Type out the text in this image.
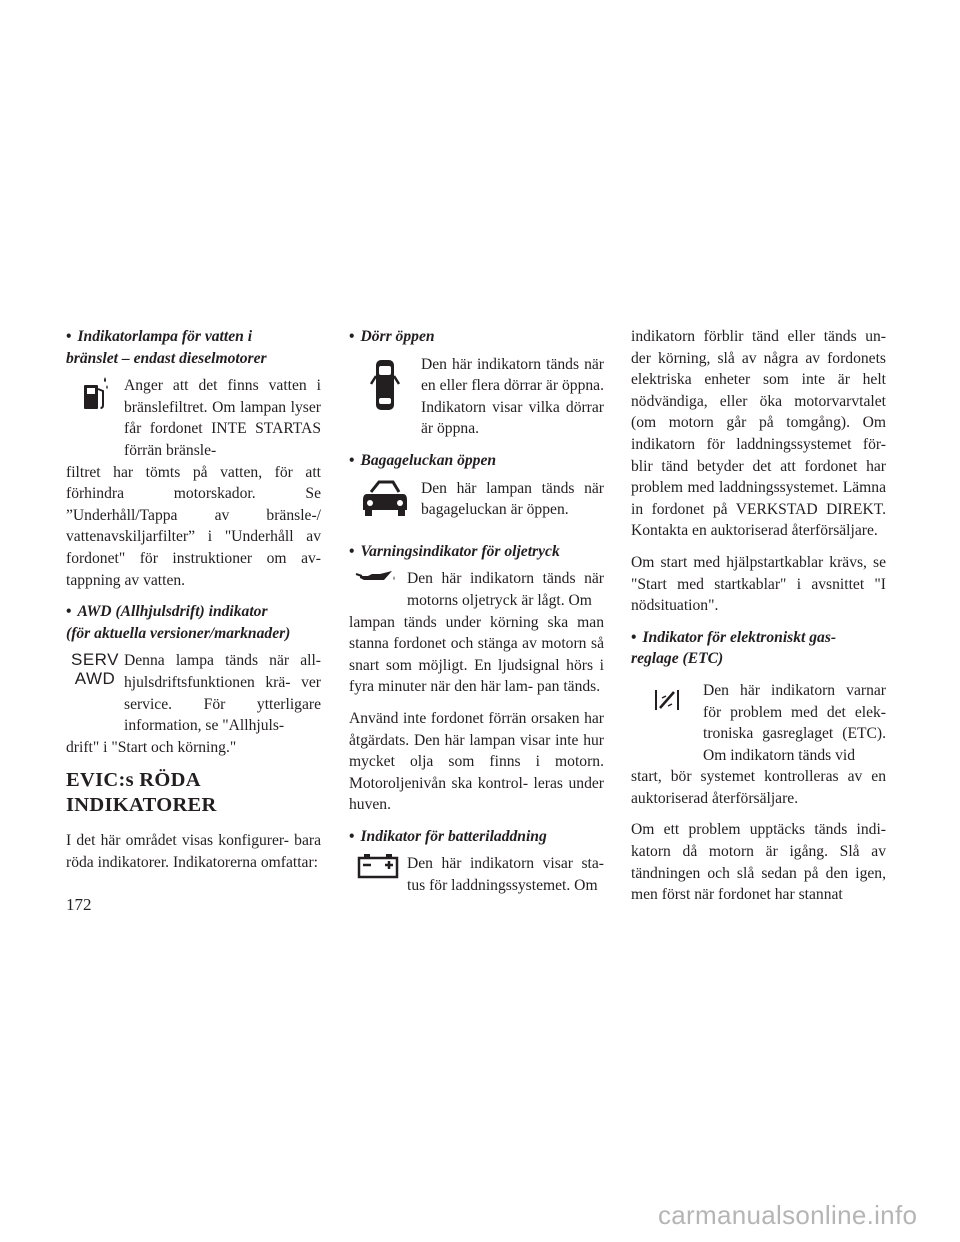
• Indikatorlampa för vatten i
bränslet – endast dieselmotorer
Anger att det finns vatten i bränslefiltret. Om lampan lyser får fordonet INTE STARTAS förrän bränsle-

filtret har tömts på vatten, för att förhindra motorskador. Se ”Underhåll/Tappa av bränsle-/ vattenavskiljarfilter” i "Underhåll av fordonet" för instruktioner om av- tappning av vatten.

• AWD (Allhjulsdrift) indikator
(för aktuella versioner/marknader)
SERV
AWD
Denna lampa tänds när all- hjulsdriftsfunktionen krä- ver service. För ytterligare information, se "Allhjuls-

drift" i "Start och körning."

EVIC:s RÖDA
INDIKATORER

I det här området visas konfigurer- bara röda indikatorer. Indikatorerna omfattar:

• Dörr öppen
Den här indikatorn tänds när en eller flera dörrar är öppna. Indikatorn visar vilka dörrar är öppna.
• Bagageluckan öppen
Den här lampan tänds när bagageluckan är öppen.
• Varningsindikator för oljetryck
Den här indikatorn tänds när motorns oljetryck är lågt. Om

lampan tänds under körning ska man stanna fordonet och stänga av motorn så snart som möjligt. En ljudsignal hörs i fyra minuter när den här lam- pan tänds.

Använd inte fordonet förrän orsaken har åtgärdats. Den här lampan visar inte hur mycket olja som finns i motorn. Motoroljenivån ska kontrol- leras under huven.

• Indikator för batteriladdning
Den här indikatorn visar sta- tus för laddningssystemet. Om

indikatorn förblir tänd eller tänds un- der körning, slå av några av fordonets elektriska enheter som inte är helt nödvändiga, eller öka motorvarvtalet (om motorn går på tomgång). Om indikatorn för laddningssystemet för- blir tänd betyder det att fordonet har problem med laddningssystemet. Lämna in fordonet på VERKSTAD DIREKT. Kontakta en auktoriserad återförsäljare.

Om start med hjälpstartkablar krävs, se "Start med startkablar" i avsnittet "I nödsituation".

• Indikator för elektroniskt gas-
reglage (ETC)
Den här indikatorn varnar för problem med det elek- troniska gasreglaget (ETC). Om indikatorn tänds vid

start, bör systemet kontrolleras av en auktoriserad återförsäljare.

Om ett problem upptäcks tänds indi- katorn då motorn är igång. Slå av tändningen och slå sedan på den igen, men först när fordonet har stannat

172
carmanualsonline.info
